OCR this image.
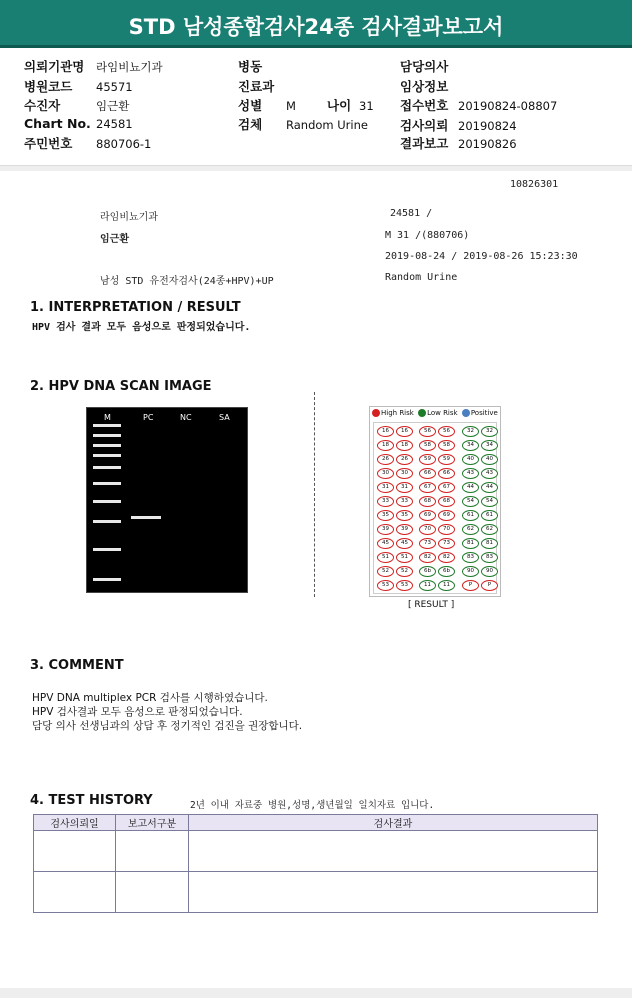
STD 남성종합검사24종 검사결과보고서
의뢰기관명 라임비뇨기과
병원코드 45571
수진자	임근환
Chart No. 24581
주민번호 880706-1
병동
진료과
성별 M 나이 31
검체 Random Urine
담당의사
임상정보
접수번호 20190824-08807
검사의뢰 20190824
결과보고 20190826
10826301
라임비뇨기과	24581 /
임근환	M 31 /(880706)
2019-08-24 / 2019-08-26 15:23:30
남성 STD 유전자검사(24종+HPV)+UP	Random Urine
1. INTERPRETATION / RESULT
HPV 검사 결과 모두 음성으로 판정되었습니다.
2. HPV DNA SCAN IMAGE
M	PC	NC	SA	High Risk Low Risk Positive
16	16	56	56	32	32
18	18	58	58	34	34
26	26	59	59	40	40
30	30	66	66	43	43
31	31	67	67	44	44
33	33	68	68	54	54
35	35	69	69	61	61
39	39	70	70	62	62
45	45	73	73	81	81
51	51	82	82	83	83
52	52	6b	6b	90	90
53	53	11	11	P	P
[ RESULT ]
3. COMMENT
HPV DNA multiplex PCR 검사를 시행하였습니다.
HPV 검사결과 모두 음성으로 판정되었습니다.
담당 의사 선생님과의 상담 후 정기적인 검진을 권장합니다.
4. TEST HISTORY	2년 이내 자료중 병원,성명,생년월일 일치자료 입니다.
검사의뢰일	보고서구분	검사결과
